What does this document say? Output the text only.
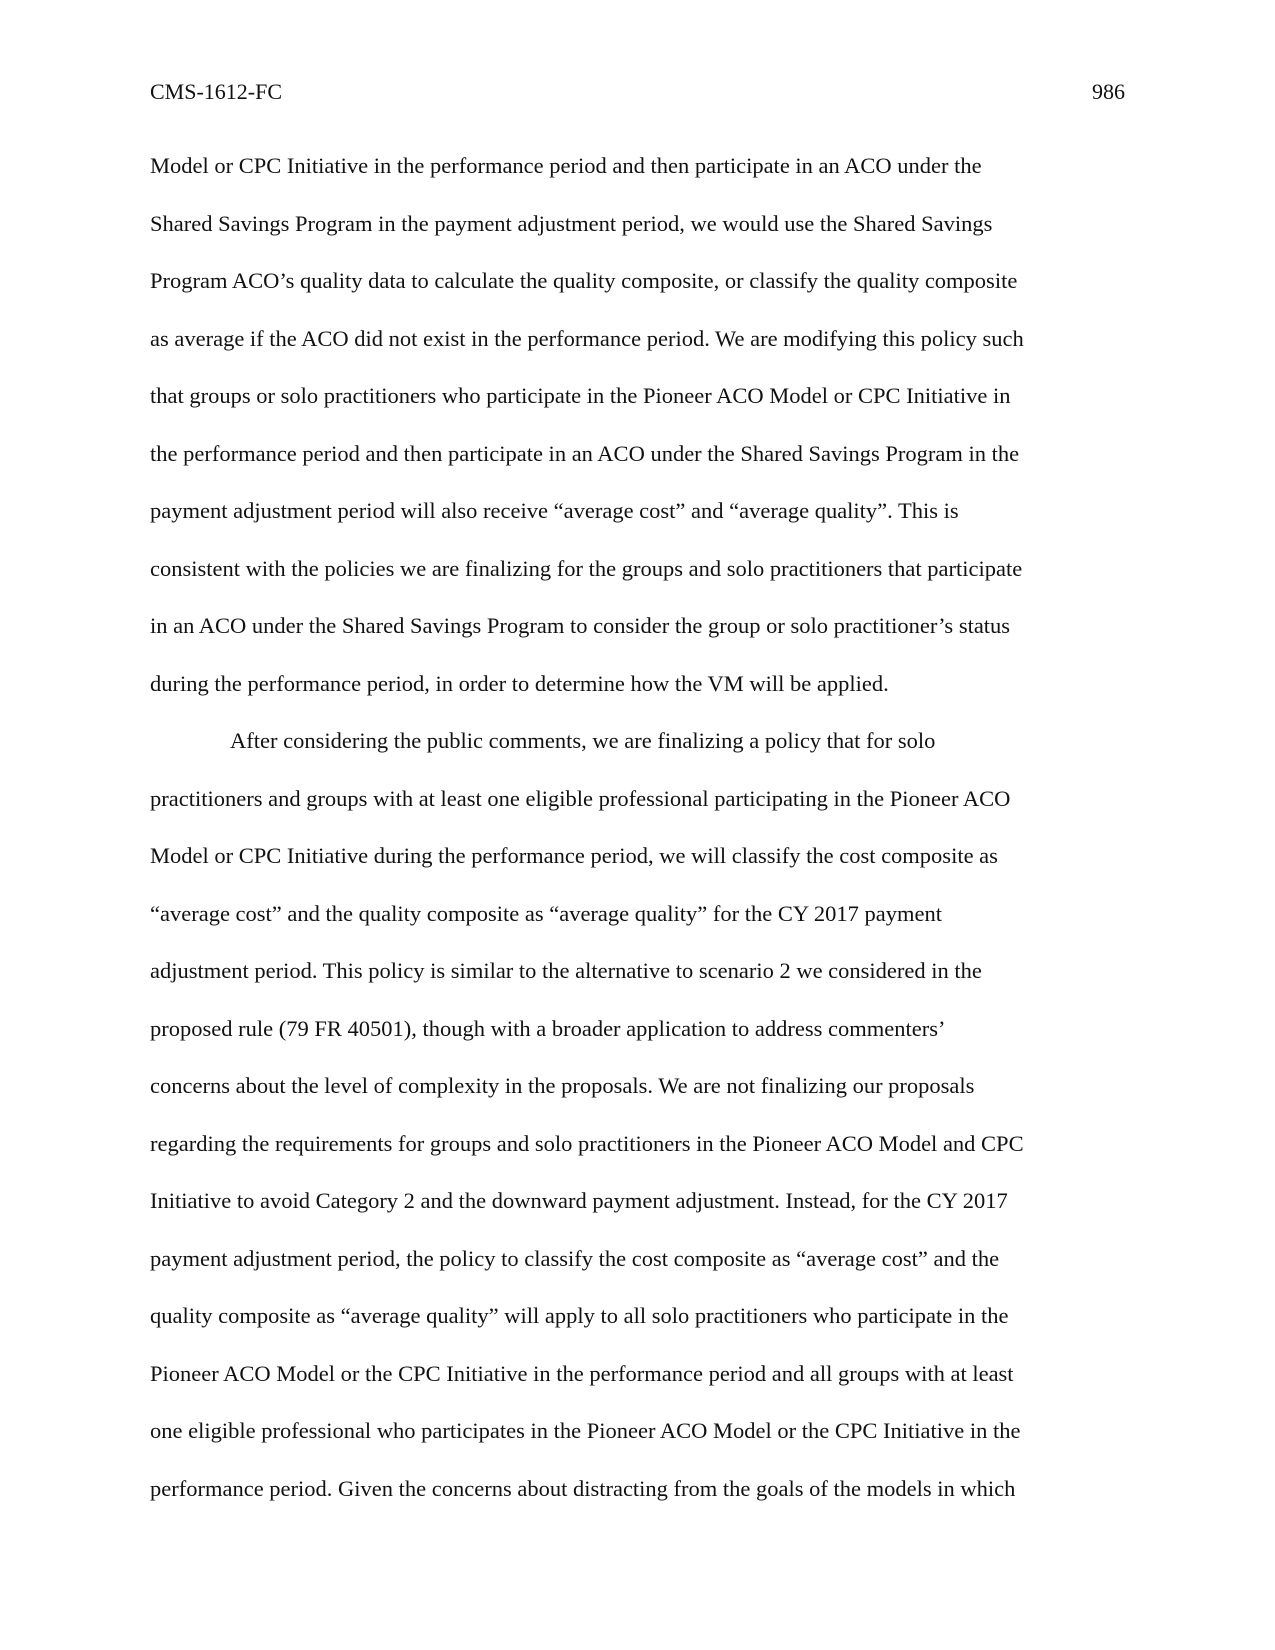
CMS-1612-FC	986
Model or CPC Initiative in the performance period and then participate in an ACO under the
Shared Savings Program in the payment adjustment period, we would use the Shared Savings
Program ACO’s quality data to calculate the quality composite, or classify the quality composite
as average if the ACO did not exist in the performance period. We are modifying this policy such
that groups or solo practitioners who participate in the Pioneer ACO Model or CPC Initiative in
the performance period and then participate in an ACO under the Shared Savings Program in the
payment adjustment period will also receive “average cost” and “average quality”. This is
consistent with the policies we are finalizing for the groups and solo practitioners that participate
in an ACO under the Shared Savings Program to consider the group or solo practitioner’s status
during the performance period, in order to determine how the VM will be applied.
After considering the public comments, we are finalizing a policy that for solo
practitioners and groups with at least one eligible professional participating in the Pioneer ACO
Model or CPC Initiative during the performance period, we will classify the cost composite as
“average cost” and the quality composite as “average quality” for the CY 2017 payment
adjustment period. This policy is similar to the alternative to scenario 2 we considered in the
proposed rule (79 FR 40501), though with a broader application to address commenters’
concerns about the level of complexity in the proposals. We are not finalizing our proposals
regarding the requirements for groups and solo practitioners in the Pioneer ACO Model and CPC
Initiative to avoid Category 2 and the downward payment adjustment. Instead, for the CY 2017
payment adjustment period, the policy to classify the cost composite as “average cost” and the
quality composite as “average quality” will apply to all solo practitioners who participate in the
Pioneer ACO Model or the CPC Initiative in the performance period and all groups with at least
one eligible professional who participates in the Pioneer ACO Model or the CPC Initiative in the
performance period. Given the concerns about distracting from the goals of the models in which
